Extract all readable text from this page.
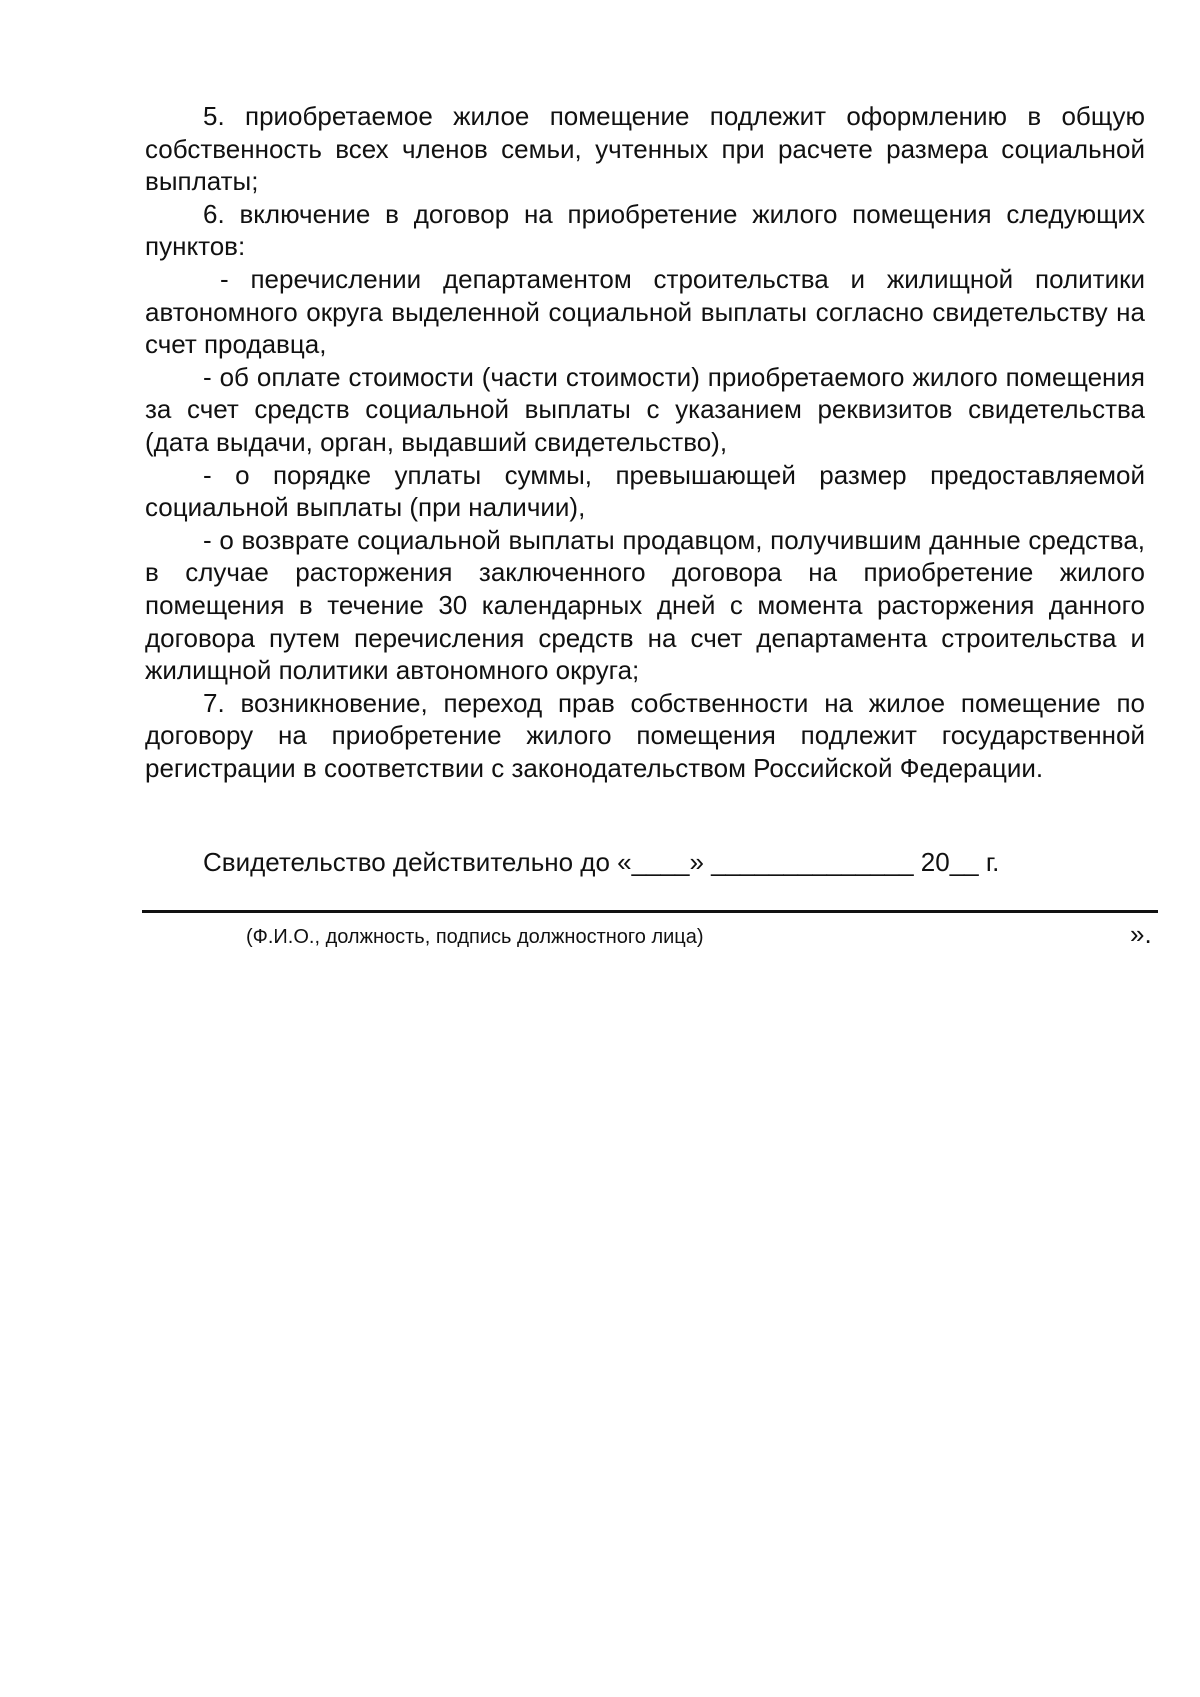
5. приобретаемое жилое помещение подлежит оформлению в общую собственность всех членов семьи, учтенных при расчете размера социальной выплаты;

6. включение в договор на приобретение жилого помещения следующих пунктов:

- перечислении департаментом строительства и жилищной политики автономного округа выделенной социальной выплаты согласно свидетельству на счет продавца,

- об оплате стоимости (части стоимости) приобретаемого жилого помещения за счет средств социальной выплаты с указанием реквизитов свидетельства (дата выдачи, орган, выдавший свидетельство),

- о порядке уплаты суммы, превышающей размер предоставляемой социальной выплаты (при наличии),

- о возврате социальной выплаты продавцом, получившим данные средства, в случае расторжения заключенного договора на приобретение жилого помещения в течение 30 календарных дней с момента расторжения данного договора путем перечисления средств на счет департамента строительства и жилищной политики автономного округа;

7. возникновение, переход прав собственности на жилое помещение по договору на приобретение жилого помещения подлежит государственной регистрации в соответствии с законодательством Российской Федерации.

Свидетельство действительно до «____» ______________ 20__ г.
(Ф.И.О., должность, подпись должностного лица)	».
